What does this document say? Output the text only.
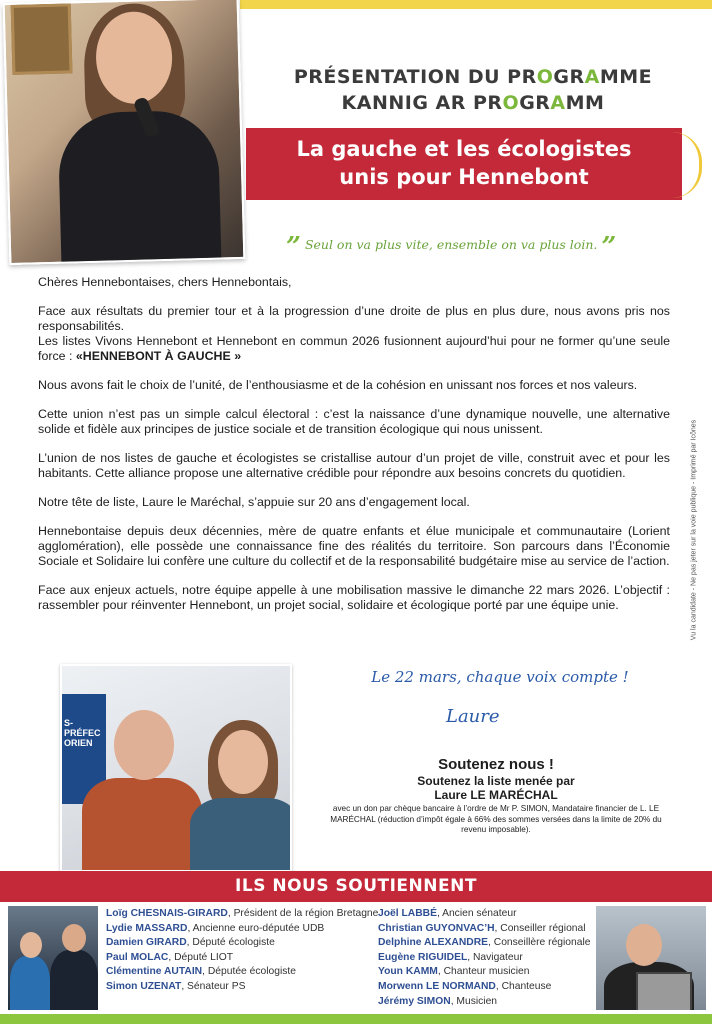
PRÉSENTATION DU PROGRAMME
KANNIG AR PROGRAMM
La gauche et les écologistes
unis pour Hennebont
” Seul on va plus vite, ensemble on va plus loin. ”

Chères Hennebontaises, chers Hennebontais,

Face aux résultats du premier tour et à la progression d’une droite de plus en plus dure, nous avons pris nos responsabilités.
Les listes Vivons Hennebont et Hennebont en commun 2026 fusionnent aujourd’hui pour ne former qu’une seule force : «HENNEBONT À GAUCHE »

Nous avons fait le choix de l’unité, de l’enthousiasme et de la cohésion en unissant nos forces et nos valeurs.

Cette union n’est pas un simple calcul électoral : c’est la naissance d’une dynamique nouvelle, une alternative solide et fidèle aux principes de justice sociale et de transition écologique qui nous unissent.

L’union de nos listes de gauche et écologistes se cristallise autour d’un projet de ville, construit avec et pour les habitants. Cette alliance propose une alternative crédible pour répondre aux besoins concrets du quotidien.

Notre tête de liste, Laure le Maréchal, s’appuie sur 20 ans d’engagement local.

Hennebontaise depuis deux décennies, mère de quatre enfants et élue municipale et communautaire (Lorient agglomération), elle possède une connaissance fine des réalités du territoire. Son parcours dans l’Économie Sociale et Solidaire lui confère une culture du collectif et de la responsabilité budgétaire mise au service de l’action.

Face aux enjeux actuels, notre équipe appelle à une mobilisation massive le dimanche 22 mars 2026. L’objectif : rassembler pour réinventer Hennebont, un projet social, solidaire et écologique porté par une équipe unie.	Vu la candidate - Ne pas jeter sur la voie publique - Imprimé par Icônes
S-PRÉFEC ORIEN
Le 22 mars, chaque voix compte !
Laure
Soutenez nous !
Soutenez la liste menée par
Laure LE MARÉCHAL
avec un don par chèque bancaire à l’ordre de Mr P. SIMON, Mandataire financier de L. LE MARÉCHAL (réduction d’impôt égale à 66% des sommes versées dans la limite de 20% du revenu imposable).
ILS NOUS SOUTIENNENT
Loïg CHESNAIS-GIRARD, Président de la région Bretagne
Lydie MASSARD, Ancienne euro-députée UDB
Damien GIRARD, Député écologiste
Paul MOLAC, Député LIOT
Clémentine AUTAIN, Députée écologiste
Simon UZENAT, Sénateur PS
Joël LABBÉ, Ancien sénateur
Christian GUYONVAC’H, Conseiller régional
Delphine ALEXANDRE, Conseillère régionale
Eugène RIGUIDEL, Navigateur
Youn KAMM, Chanteur musicien
Morwenn LE NORMAND, Chanteuse
Jérémy SIMON, Musicien
